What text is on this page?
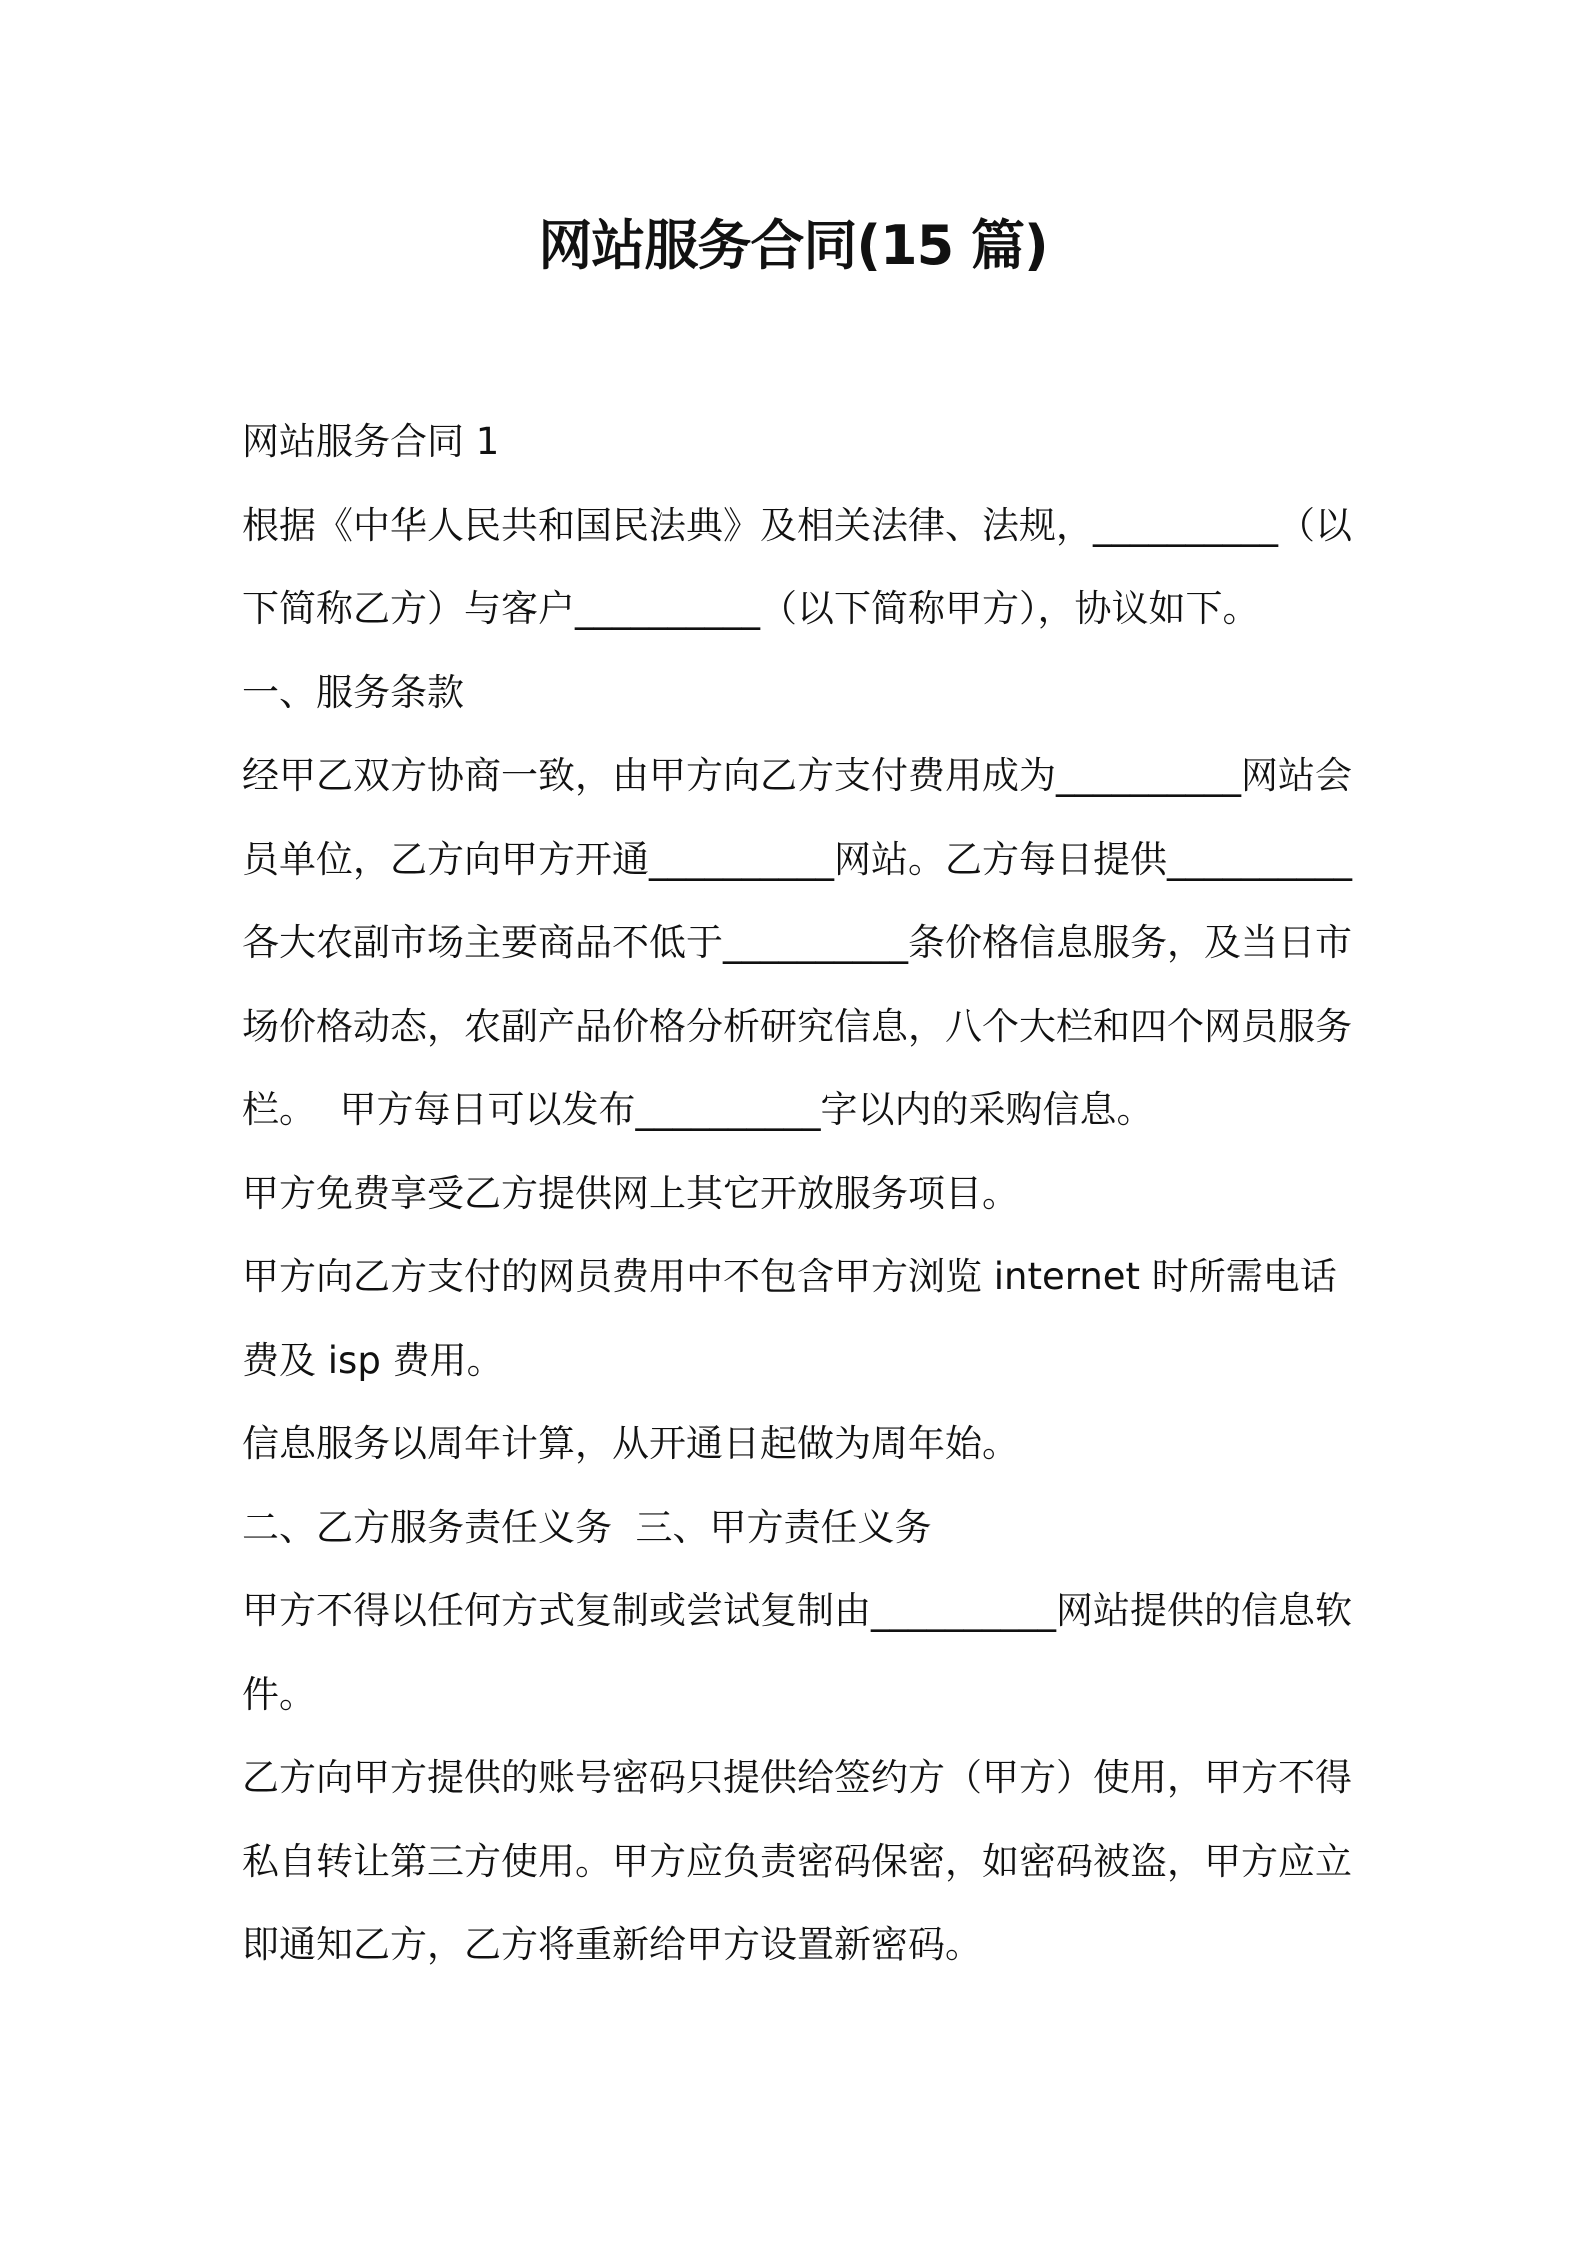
网站服务合同(15 篇)

网站服务合同 1

根据《中华人民共和国民法典》及相关法律、法规，__________（以下简称乙方）与客户__________（以下简称甲方），协议如下。

一、服务条款

经甲乙双方协商一致，由甲方向乙方支付费用成为__________网站会员单位，乙方向甲方开通__________网站。乙方每日提供__________各大农副市场主要商品不低于__________条价格信息服务，及当日市场价格动态，农副产品价格分析研究信息，八个大栏和四个网员服务栏。  甲方每日可以发布__________字以内的采购信息。

甲方免费享受乙方提供网上其它开放服务项目。

甲方向乙方支付的网员费用中不包含甲方浏览 internet 时所需电话费及 isp 费用。

信息服务以周年计算，从开通日起做为周年始。

二、乙方服务责任义务  三、甲方责任义务

甲方不得以任何方式复制或尝试复制由__________网站提供的信息软件。

乙方向甲方提供的账号密码只提供给签约方（甲方）使用，甲方不得私自转让第三方使用。甲方应负责密码保密，如密码被盗，甲方应立即通知乙方，乙方将重新给甲方设置新密码。
